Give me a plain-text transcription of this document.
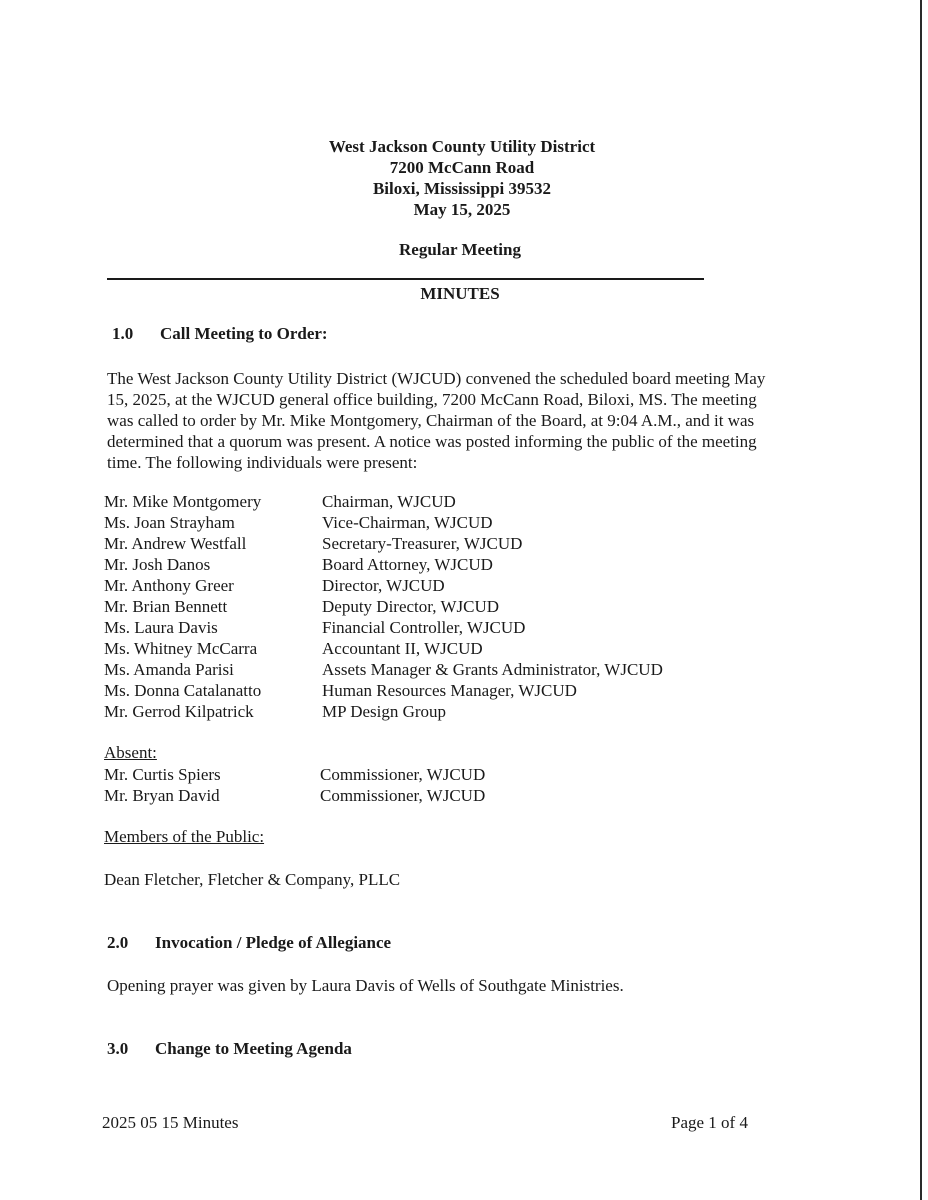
West Jackson County Utility District
7200 McCann Road
Biloxi, Mississippi 39532
May 15, 2025
Regular Meeting
MINUTES
1.0 Call Meeting to Order:
The West Jackson County Utility District (WJCUD) convened the scheduled board meeting May
15, 2025, at the WJCUD general office building, 7200 McCann Road, Biloxi, MS. The meeting
was called to order by Mr. Mike Montgomery, Chairman of the Board, at 9:04 A.M., and it was
determined that a quorum was present. A notice was posted informing the public of the meeting
time. The following individuals were present:
Mr. Mike Montgomery	Chairman, WJCUD
Ms. Joan Strayham	Vice-Chairman, WJCUD
Mr. Andrew Westfall	Secretary-Treasurer, WJCUD
Mr. Josh Danos	Board Attorney, WJCUD
Mr. Anthony Greer	Director, WJCUD
Mr. Brian Bennett	Deputy Director, WJCUD
Ms. Laura Davis	Financial Controller, WJCUD
Ms. Whitney McCarra	Accountant II, WJCUD
Ms. Amanda Parisi	Assets Manager & Grants Administrator, WJCUD
Ms. Donna Catalanatto	Human Resources Manager, WJCUD
Mr. Gerrod Kilpatrick	MP Design Group
Absent:
Mr. Curtis Spiers	Commissioner, WJCUD
Mr. Bryan David	Commissioner, WJCUD
Members of the Public:
Dean Fletcher, Fletcher & Company, PLLC
2.0 Invocation / Pledge of Allegiance
Opening prayer was given by Laura Davis of Wells of Southgate Ministries.
3.0 Change to Meeting Agenda
2025 05 15 Minutes	Page 1 of 4
